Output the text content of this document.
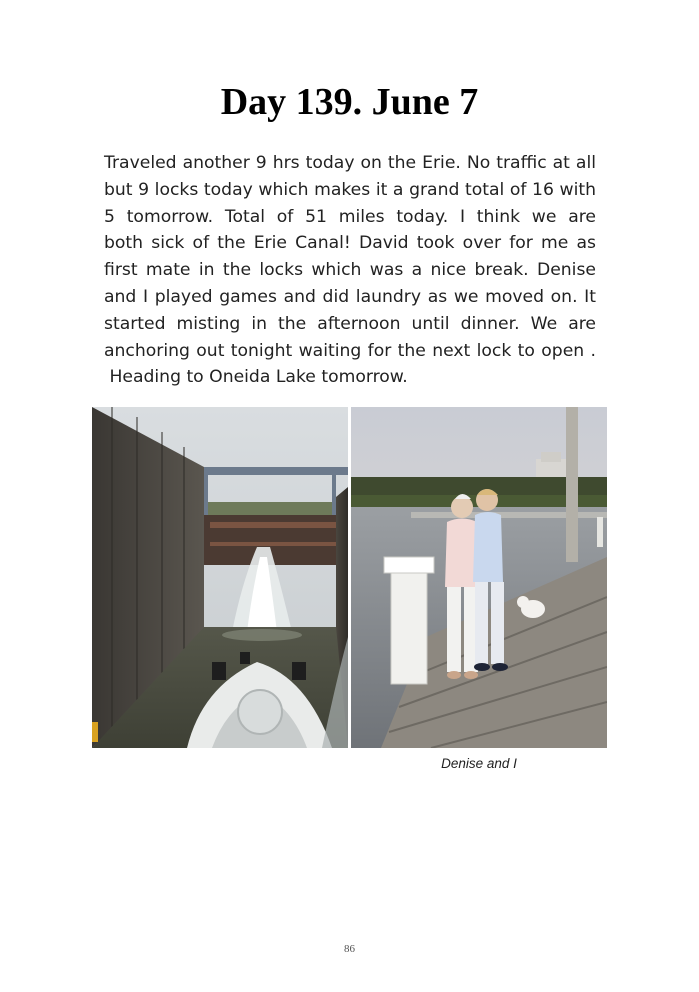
Day 139. June 7
Traveled another 9 hrs today on the Erie. No traffic at all
but 9 locks today which makes it a grand total of 16 with
5 tomorrow. Total of 51 miles today. I think we are
both sick of the Erie Canal! David took over for me as
first mate in the locks which was a nice break. Denise
and I played games and did laundry as we moved on. It
started misting in the afternoon until dinner. We are
anchoring out tonight waiting for the next lock to open .
Heading to Oneida Lake tomorrow.
Denise and I
86
